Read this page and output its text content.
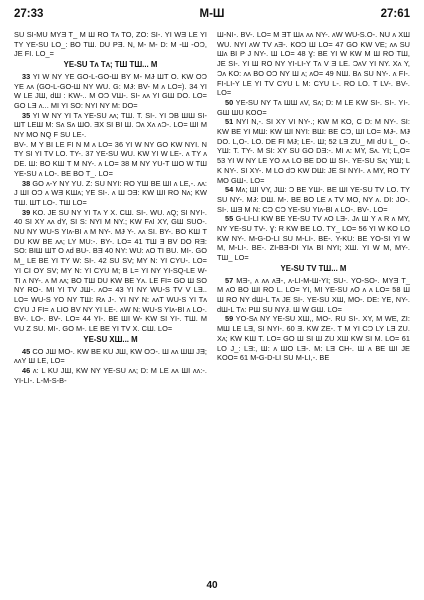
27:33	M-Ш	27:61

SU SI-MU MYƎ T_ M Ш RO Tʌ TO, ZO: SI-. YI WƎ LE YI TY YE-SU LO_: BO TШ. DU PƎ. N, M- M- D: M -Ш -OƆ, JE FI. LO_=

YE-SU Tʌ Tʌ; TШ TШ... M

33 YI W NY YE GO-L-GO-Ш BY M- MɈ ШT O. KW OƆ YE ʌʌ (GO-L-GO-Ш NY WU. G: MɈ: BV- M ʌ LO=). 34 YI W LE JШ, dШ : KW-.. M OƆ VШ-. SI- ʌʌ YI GШ DO. LO= GO LƎ ʌ... MI YI SO: NYI NY M: DO=

35 YI W NY YI Tʌ YE-SU ʌʌ; TШ. T. SI-. YI ƆB ШШ SI- ШT LEШ M: Sʌ Sʌ ШO. ƎX SI BI Ш. Ɔʌ Xʌ ʌƆ-. LO= ШI M NY MO NQ F SU LE-.

BV-. M Y BI LE FI N M ʌ LO= 36 YI W NY GO KW NYI. N TY SI YI TV LO. TY-. 37 YE-SU WU. KW YI W LE-. ʌ TY ʌ DE. Ш: BO KШ T M NY-. ʌ LO= 38 M NY YU-T ШO W TШ YE-SU ʌ LO-. BE BO T_. LO=

38 GO ʌ-Y NY YU. Z: SU NYI: RO YШ BE ШI ʌ LE,-. ʌʌ: J ШI OƆ ʌ WƎ KШʌ; YE SI-. ʌ Ш ƆƎ: KW ШI RO Nʌ; KW TШ. ШT LO-. TШ LO=

39 KO. JE SU NY YI Tʌ Y X. CШ. SI-. WU. ʌQ; SI NYI-. 40 SI XY ʌʌ dY, SI S: NYI M NY.; KW FʌI XY, GШ SUO-. NU NY WU-S YIʌ-BI ʌ M NY-. MɈ Y-. ʌʌ SI. BY-. BO KШ T DU KW BE ʌʌ; LY MU:-. BY-. LO= 41 TШ Ǝ BV DO RƎ: SO: BIШ ШT O ʌd BU-. BƎ 40 NY: WU: ʌO TI BU. MI-. GO M_ LE BE YI TY W: SI-. 42 SU SV; MY N: YI CYU-. LO= YI CI OY SV; MY N: YI CYU M; B L= YI NY YI-SQ-LE W-TI ʌ NY-. ʌ M ʌʌ; BO TШ DU KW BE Yʌ. LE FI= GO Ш SO NY RO-. MI YI TV JШ-. ʌO= 43 YI NY WU-S TV V LƎ.. LO= WU-S YO NY TШ: Rʌ J-. YI NY N: ʌʌT WU-S YI Tʌ CYU J FI= ʌ LIO BV NY YI LE-. ʌW N: WU-S YIʌ-BI ʌ LO-. BV-. LO-. BV-. LO= 44 YI-. BE ШI W- KW SI YI-. TШ. M VU Z SU. MI-. GO M-. LE BE YI TV X. CШ. LO=

YE-SU XШ... M

45 CO JШ MO-. KW BE KU JШ, KW OƆ-. Ш ʌʌ ШШ JƎ; ʌʌY Ш LE, LO=

46 ʌ: L KU JШ, KW NY YE-SU ʌʌ; D: M LE ʌʌ ШI ʌʌ:-. YI-LI-. L-M-S-B-

Ш-NI-. BV-. LO= M ƎT Шʌ ʌʌ NY-. ʌW WU-S.O-. NU ʌ XШ WU. NYI ʌW TV ʌƎ-. KOƆ Ш LO= 47 GO KW VE; ʌʌ SU Шʌ BI P J NY-. Ш LO= 48 Ɣ: BE YI W KW M Ш RO TШ, JE SI-. YI Ш RO NY YI-LI-Y Tʌ V Ǝ LE. ƆʌV YI NY. Xʌ Y, Ɔʌ KO: ʌʌ BO OƆ NY Ш ʌ; ʌO= 49 NШ. Bʌ SU NY-. ʌ FI-. FI-LI-Y LE YI TV CYU L M: CYU L-. RO LO. T LV-. BV-. LO=

50 YE-SU NY Tʌ ШШ ʌV, Sʌ; D: M LE KW SI-. SI-. YI-. GШ ШU KOO=

51 NYI N,-. SI XY VI NY-.; KW M KO, C D: M NY-. SI: KW BE YI MШ: KW ШI NYI: BШ: BE CƆ, ШI LO= MɈ-. MɈ DO. L,O-. LO. DE FI MɈ; LE-. Ш; 52 LƎ ZU_ MI dU L_ O-. YШ: T. TY-. M SI: XY SU GO DƎ:-. MI ʌ: MY, Sʌ. YI; L,O= 53 YI W NY LE YO ʌʌ LO BE DO Ш SI-. YE-SU Sʌ; YШ; L K NY-. SI XY-. M LO dƆ KW DШ: JE SI NYI-. ʌ MY, RO TY MO GШ-. LO=

54 Mʌ; ШI VY, JШ: Ɔ BE YШ-. BE ШI YE-SU TV LO. TY SU NY-. MɈ: DШ. M-. BE BO LE ʌ TV MO, NY ʌ. DI: JO-. SI-. ШƎ M N: CƆ CƆ YE-SU YIʌ-BI ʌ LO-. BV-. LO=

55 G-LI-LI KW BE YE-SU TV ʌO LƎ-. Jʌ Ш Y ʌ R ʌ MY, NY YE-SU TV-. Ɣ: R KW BE LO. TY_ LO= 56 YI W KO LO KW NY-. M-G-D-LI SU M-LI-. BE-. Y-KU: BE YO-SI YI W M, M-LI-. BE-. ZI-BƎ-DI YIʌ BI NYI; XШ. YI W M, MY-. TШ_ LO=

YE-SU TV TШ... M

57 MƎ-, ʌ ʌʌ ʌƎ-, ʌ-LI-M-Ш-YI; SU-. YO-SO-. MYƎ T_ M ʌO BO ШI RO L. LO= YI, MI YE-SU ʌO ʌ ʌ LO= 58 Ш Ш RO NY dШ-L Tʌ JE SI-. YE-SU XШ, MO-. DE: YE, NY-. dШ-L Tʌ: PШ SU NYɈ. Ш W GШ. LO=

59 YO-Sʌ NY YE-SU XШ,, MO-. RU SI-. XY, M WE, ZI: MШ LE LƎ, SI NYI-. 60 Ǝ. KW ZE-. T M YI CƆ LY LƎ ZU. Xʌ; KW KШ T. LO= GO Ш SI Ш ZU XШ KW SI M. LO= 61 LO J_: LƎ:, Ш: ʌ ШO LƎ-. M: LƎ CH-. Ш ʌ BE ШI JE KOO= 61 M-G-D-LI SU M-LI,-. BE

40
